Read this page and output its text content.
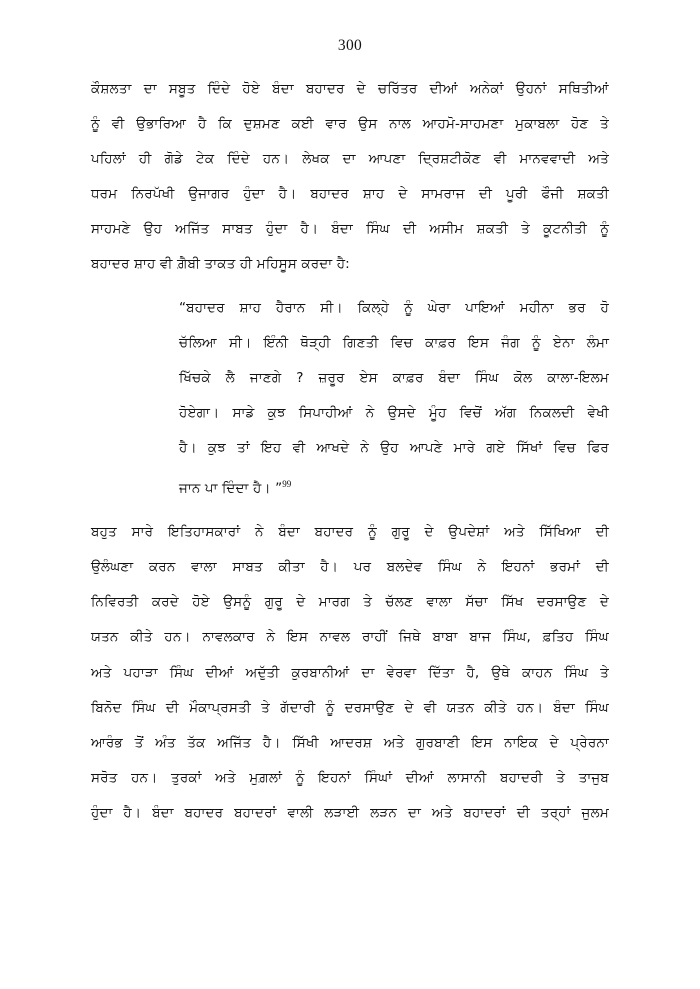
300
ਕੌਸ਼ਲਤਾ ਦਾ ਸਬੂਤ ਦਿੰਦੇ ਹੋਏ ਬੰਦਾ ਬਹਾਦਰ ਦੇ ਚਰਿੱਤਰ ਦੀਆਂ ਅਨੇਕਾਂ ਉਹਨਾਂ ਸਥਿਤੀਆਂ
ਨੂੰ ਵੀ ਉਭਾਰਿਆ ਹੈ ਕਿ ਦੁਸ਼ਮਣ ਕਈ ਵਾਰ ਉਸ ਨਾਲ ਆਹਮੋ-ਸਾਹਮਣਾ ਮੁਕਾਬਲਾ ਹੋਣ ਤੇ
ਪਹਿਲਾਂ ਹੀ ਗੋਡੇ ਟੇਕ ਦਿੰਦੇ ਹਨ। ਲੇਖਕ ਦਾ ਆਪਣਾ ਦ੍ਰਿਸ਼ਟੀਕੋਣ ਵੀ ਮਾਨਵਵਾਦੀ ਅਤੇ
ਧਰਮ ਨਿਰਪੱਖੀ ਉਜਾਗਰ ਹੁੰਦਾ ਹੈ। ਬਹਾਦਰ ਸ਼ਾਹ ਦੇ ਸਾਮਰਾਜ ਦੀ ਪੂਰੀ ਫੌਜੀ ਸ਼ਕਤੀ
ਸਾਹਮਣੇ ਉਹ ਅਜਿੱਤ ਸਾਬਤ ਹੁੰਦਾ ਹੈ। ਬੰਦਾ ਸਿੰਘ ਦੀ ਅਸੀਮ ਸ਼ਕਤੀ ਤੇ ਕੂਟਨੀਤੀ ਨੂੰ
ਬਹਾਦਰ ਸ਼ਾਹ ਵੀ ਗ਼ੈਬੀ ਤਾਕਤ ਹੀ ਮਹਿਸੂਸ ਕਰਦਾ ਹੈ:
“ਬਹਾਦਰ ਸ਼ਾਹ ਹੈਰਾਨ ਸੀ। ਕਿਲ੍ਹੇ ਨੂੰ ਘੇਰਾ ਪਾਇਆਂ ਮਹੀਨਾ ਭਰ ਹੋ
ਚੱਲਿਆ ਸੀ। ਇੰਨੀ ਥੋੜ੍ਹੀ ਗਿਣਤੀ ਵਿਚ ਕਾਫ਼ਰ ਇਸ ਜੰਗ ਨੂੰ ਏਨਾ ਲੰਮਾ
ਖਿੱਚਕੇ ਲੈ ਜਾਣਗੇ ? ਜ਼ਰੂਰ ਏਸ ਕਾਫ਼ਰ ਬੰਦਾ ਸਿੰਘ ਕੋਲ ਕਾਲਾ-ਇਲਮ
ਹੋਏਗਾ। ਸਾਡੇ ਕੁਝ ਸਿਪਾਹੀਆਂ ਨੇ ਉਸਦੇ ਮੂੰਹ ਵਿਚੋਂ ਅੱਗ ਨਿਕਲਦੀ ਵੇਖੀ
ਹੈ। ਕੁਝ ਤਾਂ ਇਹ ਵੀ ਆਖਦੇ ਨੇ ਉਹ ਆਪਣੇ ਮਾਰੇ ਗਏ ਸਿੱਖਾਂ ਵਿਚ ਫਿਰ
ਜਾਨ ਪਾ ਦਿੰਦਾ ਹੈ। ”$^{99}$
ਬਹੁਤ ਸਾਰੇ ਇਤਿਹਾਸਕਾਰਾਂ ਨੇ ਬੰਦਾ ਬਹਾਦਰ ਨੂੰ ਗੁਰੂ ਦੇ ਉਪਦੇਸ਼ਾਂ ਅਤੇ ਸਿੱਖਿਆ ਦੀ
ਉਲੰਘਣਾ ਕਰਨ ਵਾਲਾ ਸਾਬਤ ਕੀਤਾ ਹੈ। ਪਰ ਬਲਦੇਵ ਸਿੰਘ ਨੇ ਇਹਨਾਂ ਭਰਮਾਂ ਦੀ
ਨਿਵਿਰਤੀ ਕਰਦੇ ਹੋਏ ਉਸਨੂੰ ਗੁਰੂ ਦੇ ਮਾਰਗ ਤੇ ਚੱਲਣ ਵਾਲਾ ਸੱਚਾ ਸਿੱਖ ਦਰਸਾਉਣ ਦੇ
ਯਤਨ ਕੀਤੇ ਹਨ। ਨਾਵਲਕਾਰ ਨੇ ਇਸ ਨਾਵਲ ਰਾਹੀਂ ਜਿਥੇ ਬਾਬਾ ਬਾਜ ਸਿੰਘ, ਫ਼ਤਿਹ ਸਿੰਘ
ਅਤੇ ਪਹਾੜਾ ਸਿੰਘ ਦੀਆਂ ਅਦੁੱਤੀ ਕੁਰਬਾਨੀਆਂ ਦਾ ਵੇਰਵਾ ਦਿੱਤਾ ਹੈ, ਉਥੇ ਕਾਹਨ ਸਿੰਘ ਤੇ
ਬਿਨੋਦ ਸਿੰਘ ਦੀ ਮੌਕਾਪ੍ਰਸਤੀ ਤੇ ਗੱਦਾਰੀ ਨੂੰ ਦਰਸਾਉਣ ਦੇ ਵੀ ਯਤਨ ਕੀਤੇ ਹਨ। ਬੰਦਾ ਸਿੰਘ
ਆਰੰਭ ਤੋਂ ਅੰਤ ਤੱਕ ਅਜਿੱਤ ਹੈ। ਸਿੱਖੀ ਆਦਰਸ਼ ਅਤੇ ਗੁਰਬਾਣੀ ਇਸ ਨਾਇਕ ਦੇ ਪ੍ਰੇਰਨਾ
ਸਰੋਤ ਹਨ। ਤੁਰਕਾਂ ਅਤੇ ਮੁਗ਼ਲਾਂ ਨੂੰ ਇਹਨਾਂ ਸਿੰਘਾਂ ਦੀਆਂ ਲਾਸਾਨੀ ਬਹਾਦਰੀ ਤੇ ਤਾਜੁਬ
ਹੁੰਦਾ ਹੈ। ਬੰਦਾ ਬਹਾਦਰ ਬਹਾਦਰਾਂ ਵਾਲੀ ਲੜਾਈ ਲੜਨ ਦਾ ਅਤੇ ਬਹਾਦਰਾਂ ਦੀ ਤਰ੍ਹਾਂ ਜੁਲਮ
